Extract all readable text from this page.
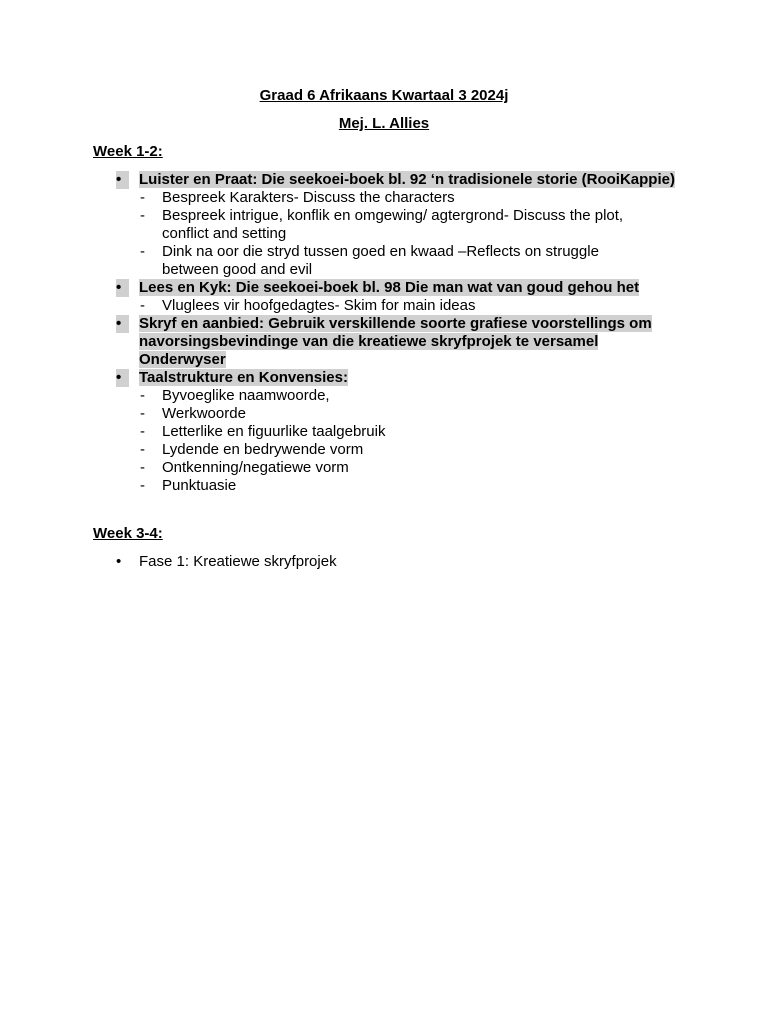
Graad 6 Afrikaans Kwartaal 3 2024j
Mej. L. Allies
Week 1-2:
•	Luister en Praat: Die seekoei-boek bl. 92 ‘n tradisionele storie (RooiKappie)
- Bespreek Karakters- Discuss the characters
- Bespreek intrigue, konflik en omgewing/ agtergrond- Discuss the plot, conflict and setting
- Dink na oor die stryd tussen goed en kwaad –Reflects on struggle between good and evil
•	Lees en Kyk: Die seekoei-boek bl. 98 Die man wat van goud gehou het
- Vluglees vir hoofgedagtes- Skim for main ideas
•	Skryf en aanbied: Gebruik verskillende soorte grafiese voorstellings om navorsingsbevindinge van die kreatiewe skryfprojek te versamel Onderwyser
•	Taalstrukture en Konvensies:
- Byvoeglike naamwoorde,
- Werkwoorde
- Letterlike en figuurlike taalgebruik
- Lydende en bedrywende vorm
- Ontkenning/negatiewe vorm
- Punktuasie
Week 3-4:
• Fase 1: Kreatiewe skryfprojek
